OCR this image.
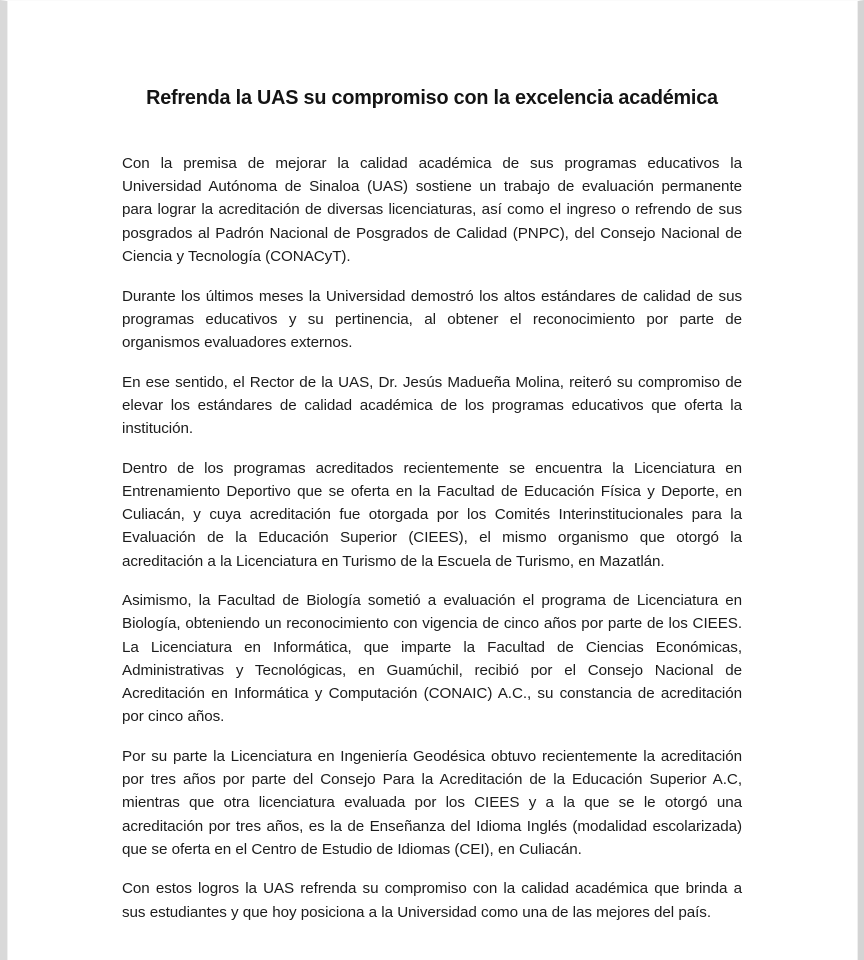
Refrenda la UAS su compromiso con la excelencia académica

Con la premisa de mejorar la calidad académica de sus programas educativos la Universidad Autónoma de Sinaloa (UAS) sostiene un trabajo de evaluación permanente para lograr la acreditación de diversas licenciaturas, así como el ingreso o refrendo de sus posgrados al Padrón Nacional de Posgrados de Calidad (PNPC), del Consejo Nacional de Ciencia y Tecnología (CONACyT).

Durante los últimos meses la Universidad demostró los altos estándares de calidad de sus programas educativos y su pertinencia, al obtener el reconocimiento por parte de organismos evaluadores externos.

En ese sentido, el Rector de la UAS, Dr. Jesús Madueña Molina, reiteró su compromiso de elevar los estándares de calidad académica de los programas educativos que oferta la institución.

Dentro de los programas acreditados recientemente se encuentra la Licenciatura en Entrenamiento Deportivo que se oferta en la Facultad de Educación Física y Deporte, en Culiacán, y cuya acreditación fue otorgada por los Comités Interinstitucionales para la Evaluación de la Educación Superior (CIEES), el mismo organismo que otorgó la acreditación a la Licenciatura en Turismo de la Escuela de Turismo, en Mazatlán.

Asimismo, la Facultad de Biología sometió a evaluación el programa de Licenciatura en Biología, obteniendo un reconocimiento con vigencia de cinco años por parte de los CIEES. La Licenciatura en Informática, que imparte la Facultad de Ciencias Económicas, Administrativas y Tecnológicas, en Guamúchil, recibió por el Consejo Nacional de Acreditación en Informática y Computación (CONAIC) A.C., su constancia de acreditación por cinco años.

Por su parte la Licenciatura en Ingeniería Geodésica obtuvo recientemente la acreditación por tres años por parte del Consejo Para la Acreditación de la Educación Superior A.C, mientras que otra licenciatura evaluada por los CIEES y a la que se le otorgó una acreditación por tres años, es la de Enseñanza del Idioma Inglés (modalidad escolarizada) que se oferta en el Centro de Estudio de Idiomas (CEI), en Culiacán.

Con estos logros la UAS refrenda su compromiso con la calidad académica que brinda a sus estudiantes y que hoy posiciona a la Universidad como una de las mejores del país.
